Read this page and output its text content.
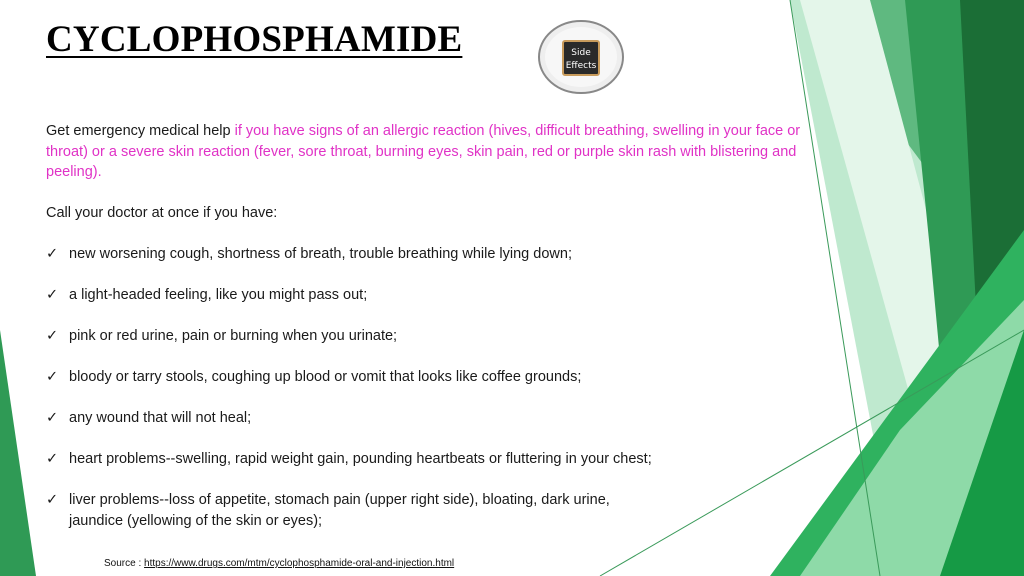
CYCLOPHOSPHAMIDE	Side
Effects
Get emergency medical help if you have signs of an allergic reaction (hives, difficult breathing, swelling in your face or throat) or a severe skin reaction (fever, sore throat, burning eyes, skin pain, red or purple skin rash with blistering and peeling).
Call your doctor at once if you have:
✓ new worsening cough, shortness of breath, trouble breathing while lying down;
✓ a light-headed feeling, like you might pass out;
✓ pink or red urine, pain or burning when you urinate;
✓ bloody or tarry stools, coughing up blood or vomit that looks like coffee grounds;
✓ any wound that will not heal;
✓ heart problems--swelling, rapid weight gain, pounding heartbeats or fluttering in your chest;
✓ liver problems--loss of appetite, stomach pain (upper right side), bloating, dark urine, jaundice (yellowing of the skin or eyes);
Source : https://www.drugs.com/mtm/cyclophosphamide-oral-and-injection.html
